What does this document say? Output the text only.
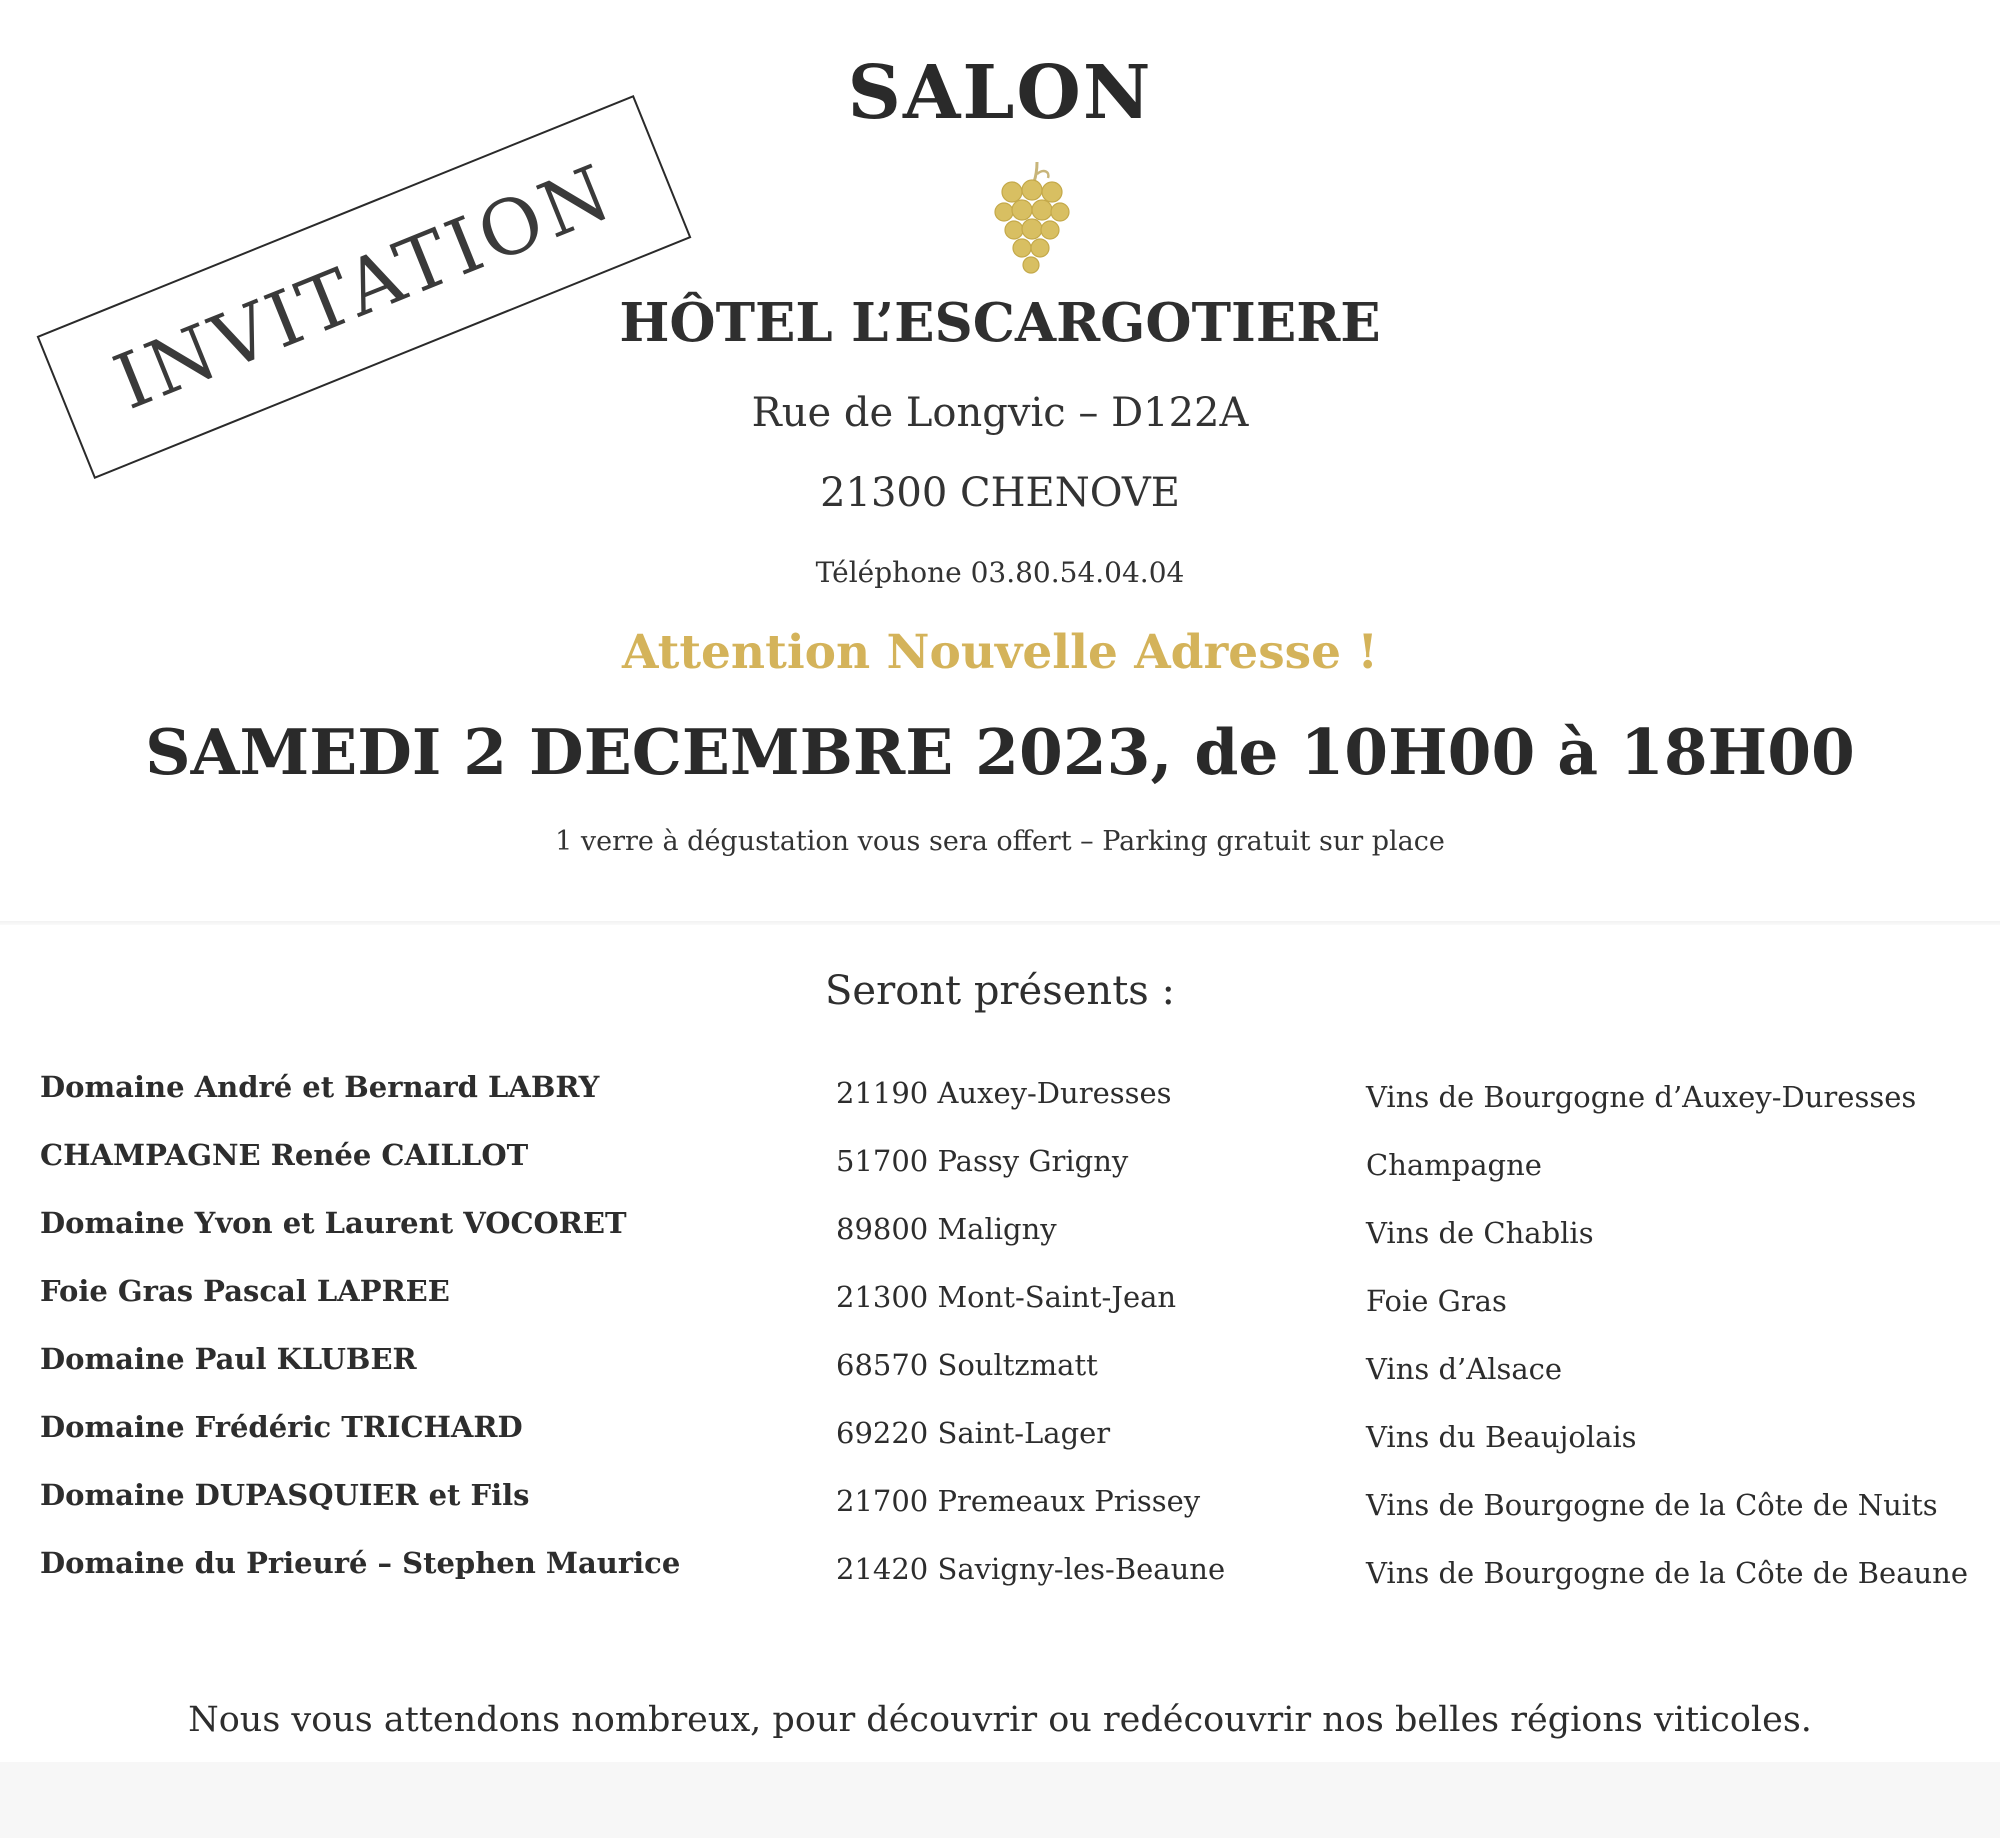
INVITATION
SALON
HÔTEL L’ESCARGOTIERE
Rue de Longvic – D122A
21300 CHENOVE
Téléphone 03.80.54.04.04
Attention Nouvelle Adresse !
SAMEDI 2 DECEMBRE 2023, de 10H00 à 18H00
1 verre à dégustation vous sera offert – Parking gratuit sur place
Seront présents :
Domaine André et Bernard LABRY	21190 Auxey-Duresses	Vins de Bourgogne d’Auxey-Duresses
CHAMPAGNE Renée CAILLOT	51700 Passy Grigny	Champagne
Domaine Yvon et Laurent VOCORET	89800 Maligny	Vins de Chablis
Foie Gras Pascal LAPREE	21300 Mont-Saint-Jean	Foie Gras
Domaine Paul KLUBER	68570 Soultzmatt	Vins d’Alsace
Domaine Frédéric TRICHARD	69220 Saint-Lager	Vins du Beaujolais
Domaine DUPASQUIER et Fils	21700 Premeaux Prissey	Vins de Bourgogne de la Côte de Nuits
Domaine du Prieuré – Stephen Maurice	21420 Savigny-les-Beaune	Vins de Bourgogne de la Côte de Beaune
Nous vous attendons nombreux, pour découvrir ou redécouvrir nos belles régions viticoles.
